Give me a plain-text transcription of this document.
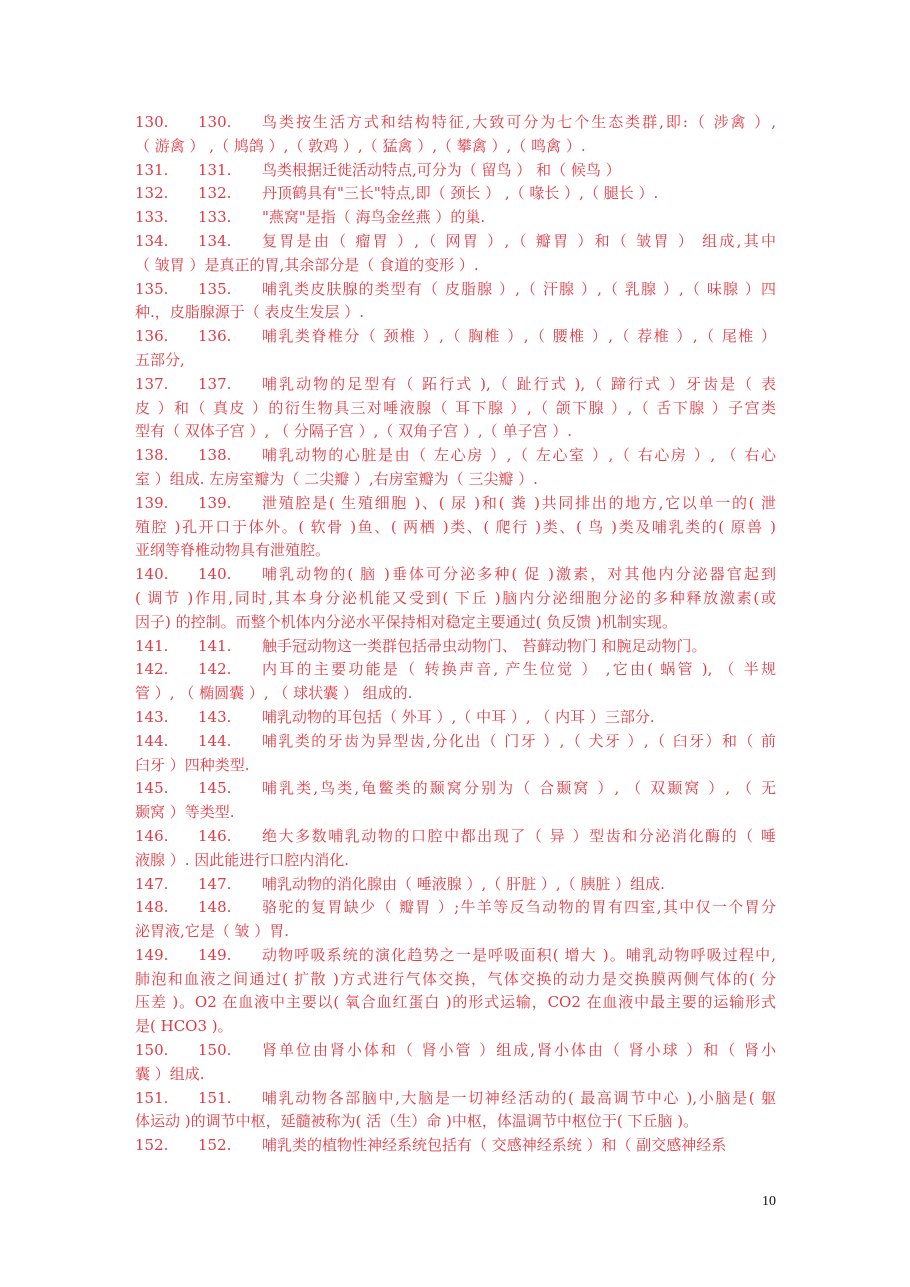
130. 130. 鸟类按生活方式和结构特征,大致可分为七个生态类群,即:（ 涉禽 ）,
（ 游禽 ） ,（ 鸠鸽 ）,（ 敦鸡 ）,（ 猛禽 ）,（ 攀禽 ）,（ 鸣禽 ）.
131. 131. 鸟类根据迁徙活动特点,可分为（ 留鸟 ） 和（ 候鸟 ）
132. 132. 丹顶鹤具有"三长"特点,即（ 颈长 ） ,（ 喙长 ）,（ 腿长 ）.
133. 133. "燕窝"是指（ 海鸟金丝燕 ）的巢.
134. 134. 复胃是由（ 瘤胃 ）,（ 网胃 ）,（ 瓣胃 ）和（ 皱胃 ） 组成,其中
（ 皱胃 ）是真正的胃,其余部分是（ 食道的变形 ）.
135. 135. 哺乳类皮肤腺的类型有（ 皮脂腺 ）,（ 汗腺 ）,（ 乳腺 ）,（ 味腺 ）四
种.，皮脂腺源于（ 表皮生发层 ）.
136. 136. 哺乳类脊椎分（ 颈椎 ）,（ 胸椎 ）,（ 腰椎 ）,（ 荐椎 ）,（ 尾椎 ）
五部分,
137. 137. 哺乳动物的足型有（ 跖行式 ),（ 趾行式 ),（ 蹄行式 ）牙齿是（ 表
皮 ）和（ 真皮 ）的衍生物具三对唾液腺（ 耳下腺 ）,（ 颌下腺 ）,（ 舌下腺 ）子宫类
型有（ 双体子宫 ）, （ 分隔子宫 ）,（ 双角子宫 ）,（ 单子宫 ）.
138. 138. 哺乳动物的心脏是由（ 左心房 ）,（ 左心室 ）,（ 右心房 ）, （ 右心
室 ）组成. 左房室瓣为（ 二尖瓣 ）,右房室瓣为（ 三尖瓣 ）.
139. 139. 泄殖腔是( 生殖细胞 )、( 尿 )和( 粪 )共同排出的地方,它以单一的( 泄
殖腔 )孔开口于体外。( 软骨 )鱼、( 两栖 )类、( 爬行 )类、( 鸟 )类及哺乳类的( 原兽 )
亚纲等脊椎动物具有泄殖腔。
140. 140. 哺乳动物的( 脑 )垂体可分泌多种( 促 )激素，对其他内分泌器官起到
( 调节 )作用,同时,其本身分泌机能又受到( 下丘 )脑内分泌细胞分泌的多种释放激素(或
因子) 的控制。而整个机体内分泌水平保持相对稳定主要通过( 负反馈 )机制实现。
141. 141. 触手冠动物这一类群包括帚虫动物门、 苔藓动物门 和腕足动物门。
142. 142. 内耳的主要功能是（ 转换声音, 产生位觉 ） ,它由( 蜗管 ), （ 半规
管 ）, （ 椭圆囊 ）, （ 球状囊 ） 组成的.
143. 143. 哺乳动物的耳包括（ 外耳 ）,（ 中耳 ）, （ 内耳 ）三部分.
144. 144. 哺乳类的牙齿为异型齿,分化出（ 门牙 ）,（ 犬牙 ）,（ 臼牙）和（ 前
臼牙 ）四种类型.
145. 145. 哺乳类,鸟类,龟鳖类的颞窝分别为（ 合颞窝 ）, （ 双颞窝 ）, （ 无
颞窝 ）等类型.
146. 146. 绝大多数哺乳动物的口腔中都出现了（ 异 ）型齿和分泌消化酶的（ 唾
液腺 ）. 因此能进行口腔内消化.
147. 147. 哺乳动物的消化腺由（ 唾液腺 ）,（ 肝脏 ）,（ 胰脏 ）组成.
148. 148. 骆驼的复胃缺少（ 瓣胃 ）;牛羊等反刍动物的胃有四室,其中仅一个胃分
泌胃液,它是（ 皱 ）胃.
149. 149. 动物呼吸系统的演化趋势之一是呼吸面积( 增大 )。哺乳动物呼吸过程中,
肺泡和血液之间通过( 扩散 )方式进行气体交换，气体交换的动力是交换膜两侧气体的( 分
压差 )。O2 在血液中主要以( 氧合血红蛋白 )的形式运输，CO2 在血液中最主要的运输形式
是( HCO3 )。
150. 150. 肾单位由肾小体和（ 肾小管 ）组成,肾小体由（ 肾小球 ）和（ 肾小
囊 ）组成.
151. 151. 哺乳动物各部脑中,大脑是一切神经活动的( 最高调节中心 ),小脑是( 躯
体运动 )的调节中枢，延髓被称为( 活（生）命 )中枢，体温调节中枢位于( 下丘脑 )。
152. 152. 哺乳类的植物性神经系统包括有（ 交感神经系统 ）和（ 副交感神经系
10
